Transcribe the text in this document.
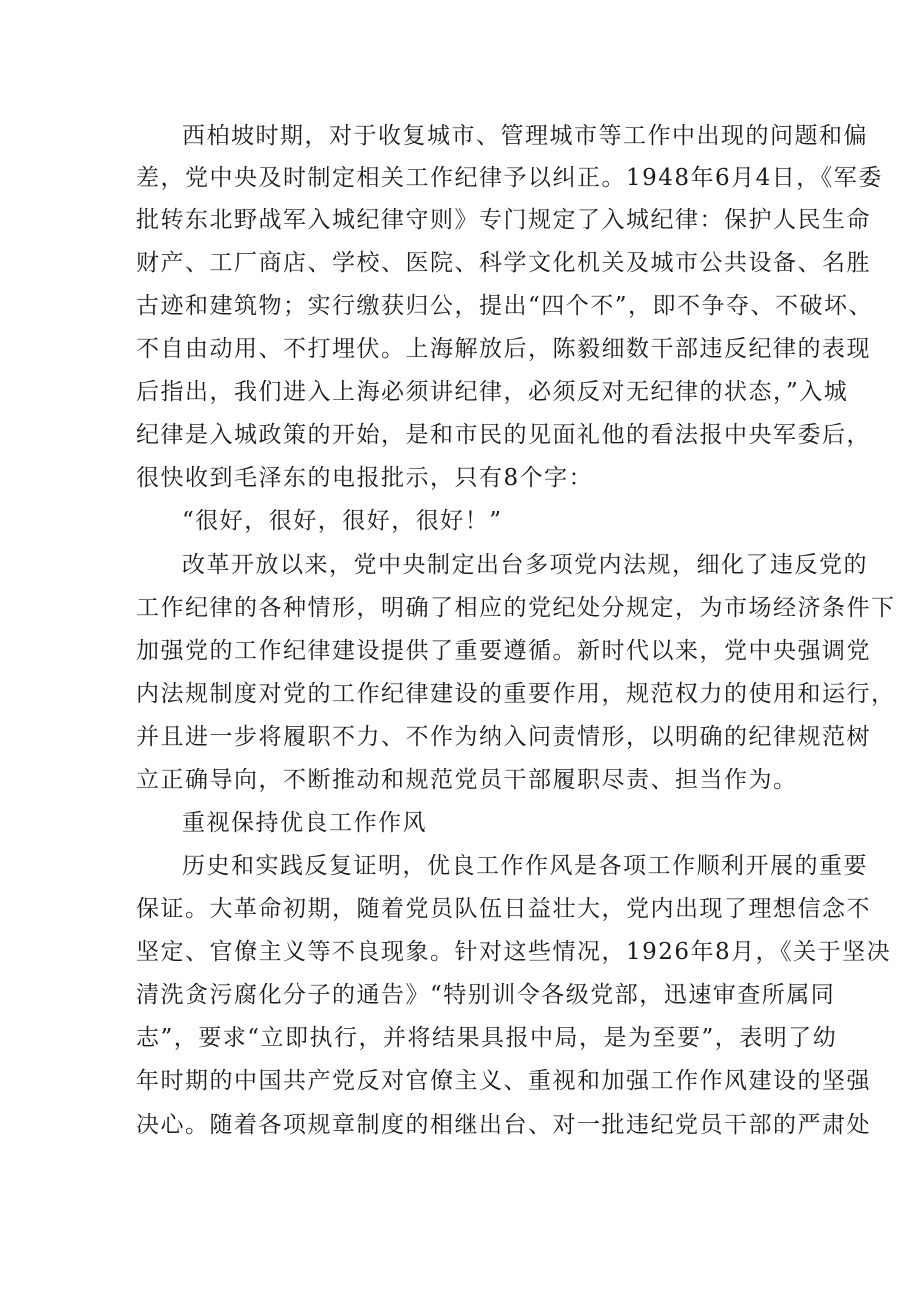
西柏坡时期，对于收复城市、管理城市等工作中出现的问题和偏
差，党中央及时制定相关工作纪律予以纠正。1948年6月4日，《军委
批转东北野战军入城纪律守则》专门规定了入城纪律：保护人民生命
财产、工厂商店、学校、医院、科学文化机关及城市公共设备、名胜
古迹和建筑物；实行缴获归公，提出“四个不”，即不争夺、不破坏、
不自由动用、不打埋伏。上海解放后，陈毅细数干部违反纪律的表现
后指出，我们进入上海必须讲纪律，必须反对无纪律的状态，”入城
纪律是入城政策的开始，是和市民的见面礼他的看法报中央军委后，
很快收到毛泽东的电报批示，只有8个字：
“很好，很好，很好，很好！”
改革开放以来，党中央制定出台多项党内法规，细化了违反党的
工作纪律的各种情形，明确了相应的党纪处分规定，为市场经济条件下
加强党的工作纪律建设提供了重要遵循。新时代以来，党中央强调党
内法规制度对党的工作纪律建设的重要作用，规范权力的使用和运行，
并且进一步将履职不力、不作为纳入问责情形，以明确的纪律规范树
立正确导向，不断推动和规范党员干部履职尽责、担当作为。
重视保持优良工作作风
历史和实践反复证明，优良工作作风是各项工作顺利开展的重要
保证。大革命初期，随着党员队伍日益壮大，党内出现了理想信念不
坚定、官僚主义等不良现象。针对这些情况，1926年8月，《关于坚决
清洗贪污腐化分子的通告》“特别训令各级党部，迅速审查所属同
志”，要求“立即执行，并将结果具报中局，是为至要”，表明了幼
年时期的中国共产党反对官僚主义、重视和加强工作作风建设的坚强
决心。随着各项规章制度的相继出台、对一批违纪党员干部的严肃处
